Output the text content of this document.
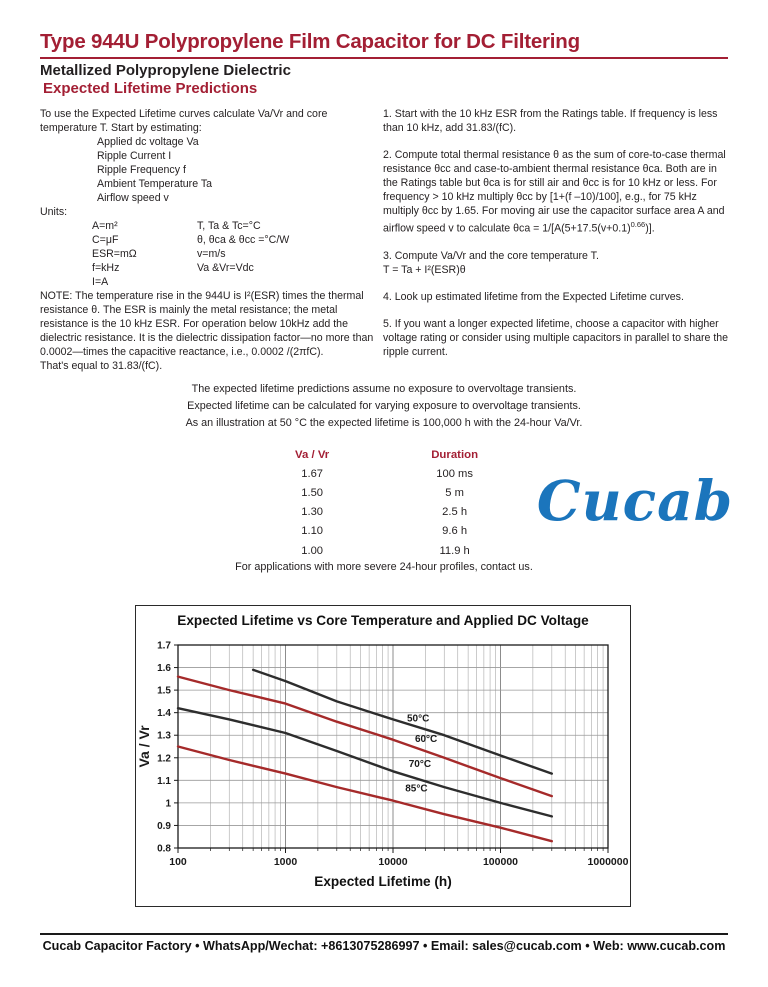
Type 944U Polypropylene Film Capacitor for DC Filtering
Metallized Polypropylene Dielectric
Expected Lifetime Predictions

To use the Expected Lifetime curves calculate Va/Vr and core temperature T. Start by estimating:

Applied dc voltage Va
Ripple Current I
Ripple Frequency f
Ambient Temperature Ta
Airflow speed v

Units:

A=m²	T, Ta & Tc=°C
C=μF	θ, θca & θcc =°C/W
ESR=mΩ	v=m/s
f=kHz	Va &Vr=Vdc
I=A

NOTE: The temperature rise in the 944U is I²(ESR) times the thermal resistance θ. The ESR is mainly the metal resistance; the metal resistance is the 10 kHz ESR. For operation below 10kHz add the dielectric resistance. It is the dielectric dissipation factor—no more than 0.0002—times the capacitive reactance, i.e., 0.0002 /(2πfC).

That's equal to 31.83/(fC).

1. Start with the 10 kHz ESR from the Ratings table. If frequency is less than 10 kHz, add 31.83/(fC).

2. Compute total thermal resistance θ as the sum of core-to-case thermal resistance θcc and case-to-ambient thermal resistance θca. Both are in the Ratings table but θca is for still air and θcc is for 10 kHz or less. For frequency > 10 kHz multiply θcc by [1+(f –10)/100], e.g., for 75 kHz multiply θcc by 1.65. For moving air use the capacitor surface area A and airflow speed v to calculate $\theta ca = 1/[A(5+17.5(v+0.1)^{0.66})]$.

3. Compute Va/Vr and the core temperature T.
T = Ta + I²(ESR)θ

4. Look up estimated lifetime from the Expected Lifetime curves.

5. If you want a longer expected lifetime, choose a capacitor with higher voltage rating or consider using multiple capacitors in parallel to share the ripple current.

The expected lifetime predictions assume no exposure to overvoltage transients.
Expected lifetime can be calculated for varying exposure to overvoltage transients.
As an illustration at 50 °C the expected lifetime is 100,000 h with the 24-hour Va/Vr.
Va / Vr	Duration
1.67	100 ms
1.50	5 m
1.30	2.5 h
1.10	9.6 h
1.00	11.9 h
For applications with more severe 24-hour profiles, contact us.
Cucab
Expected Lifetime vs Core Temperature and Applied DC Voltage
1.7
1.6
1.5
1.4
1.3
1.2
1.1
1
0.9
0.8
100	1000	10000	100000	1000000
Va / Vr
50°C
60°C
70°C
85°C
Expected Lifetime (h)
Cucab Capacitor Factory • WhatsApp/Wechat: +8613075286997 • Email: sales@cucab.com • Web: www.cucab.com
